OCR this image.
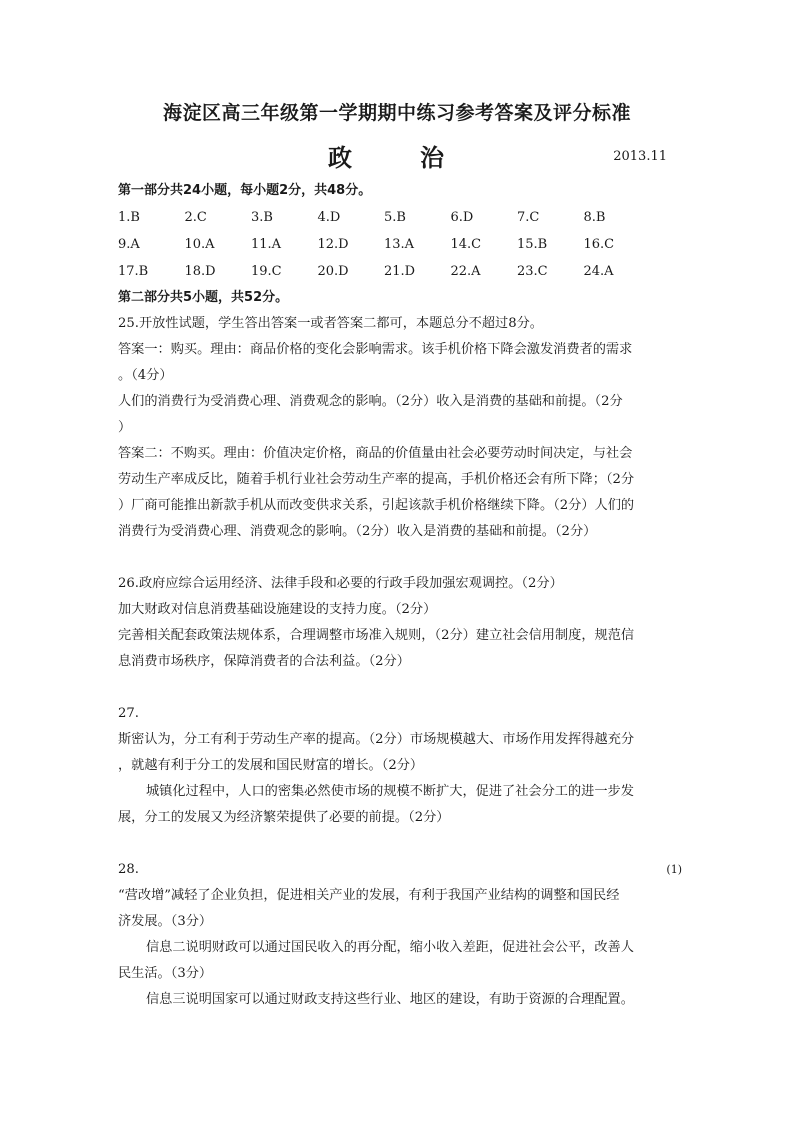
海淀区高三年级第一学期期中练习参考答案及评分标准
政　治	2013.11
第一部分共24小题，每小题2分，共48分。
1.B	2.C	3.B	4.D	5.B	6.D	7.C	8.B
9.A	10.A	11.A	12.D	13.A	14.C	15.B	16.C
17.B	18.D	19.C	20.D	21.D	22.A	23.C	24.A
第二部分共5小题，共52分。
25.开放性试题，学生答出答案一或者答案二都可，本题总分不超过8分。
答案一：购买。理由：商品价格的变化会影响需求。该手机价格下降会激发消费者的需求
。（4分）
人们的消费行为受消费心理、消费观念的影响。（2分）收入是消费的基础和前提。（2分
）
答案二：不购买。理由：价值决定价格，商品的价值量由社会必要劳动时间决定，与社会
劳动生产率成反比，随着手机行业社会劳动生产率的提高，手机价格还会有所下降；（2分
）厂商可能推出新款手机从而改变供求关系，引起该款手机价格继续下降。（2分）人们的
消费行为受消费心理、消费观念的影响。（2分）收入是消费的基础和前提。（2分）
26.政府应综合运用经济、法律手段和必要的行政手段加强宏观调控。（2分）
加大财政对信息消费基础设施建设的支持力度。（2分）
完善相关配套政策法规体系，合理调整市场准入规则，（2分）建立社会信用制度，规范信
息消费市场秩序，保障消费者的合法利益。（2分）
27.
斯密认为，分工有利于劳动生产率的提高。（2分）市场规模越大、市场作用发挥得越充分
，就越有利于分工的发展和国民财富的增长。（2分）
城镇化过程中，人口的密集必然使市场的规模不断扩大，促进了社会分工的进一步发
展，分工的发展又为经济繁荣提供了必要的前提。（2分）
28.	(1)
“营改增”减轻了企业负担，促进相关产业的发展，有利于我国产业结构的调整和国民经
济发展。（3分）
信息二说明财政可以通过国民收入的再分配，缩小收入差距，促进社会公平，改善人
民生活。（3分）
信息三说明国家可以通过财政支持这些行业、地区的建设，有助于资源的合理配置。
